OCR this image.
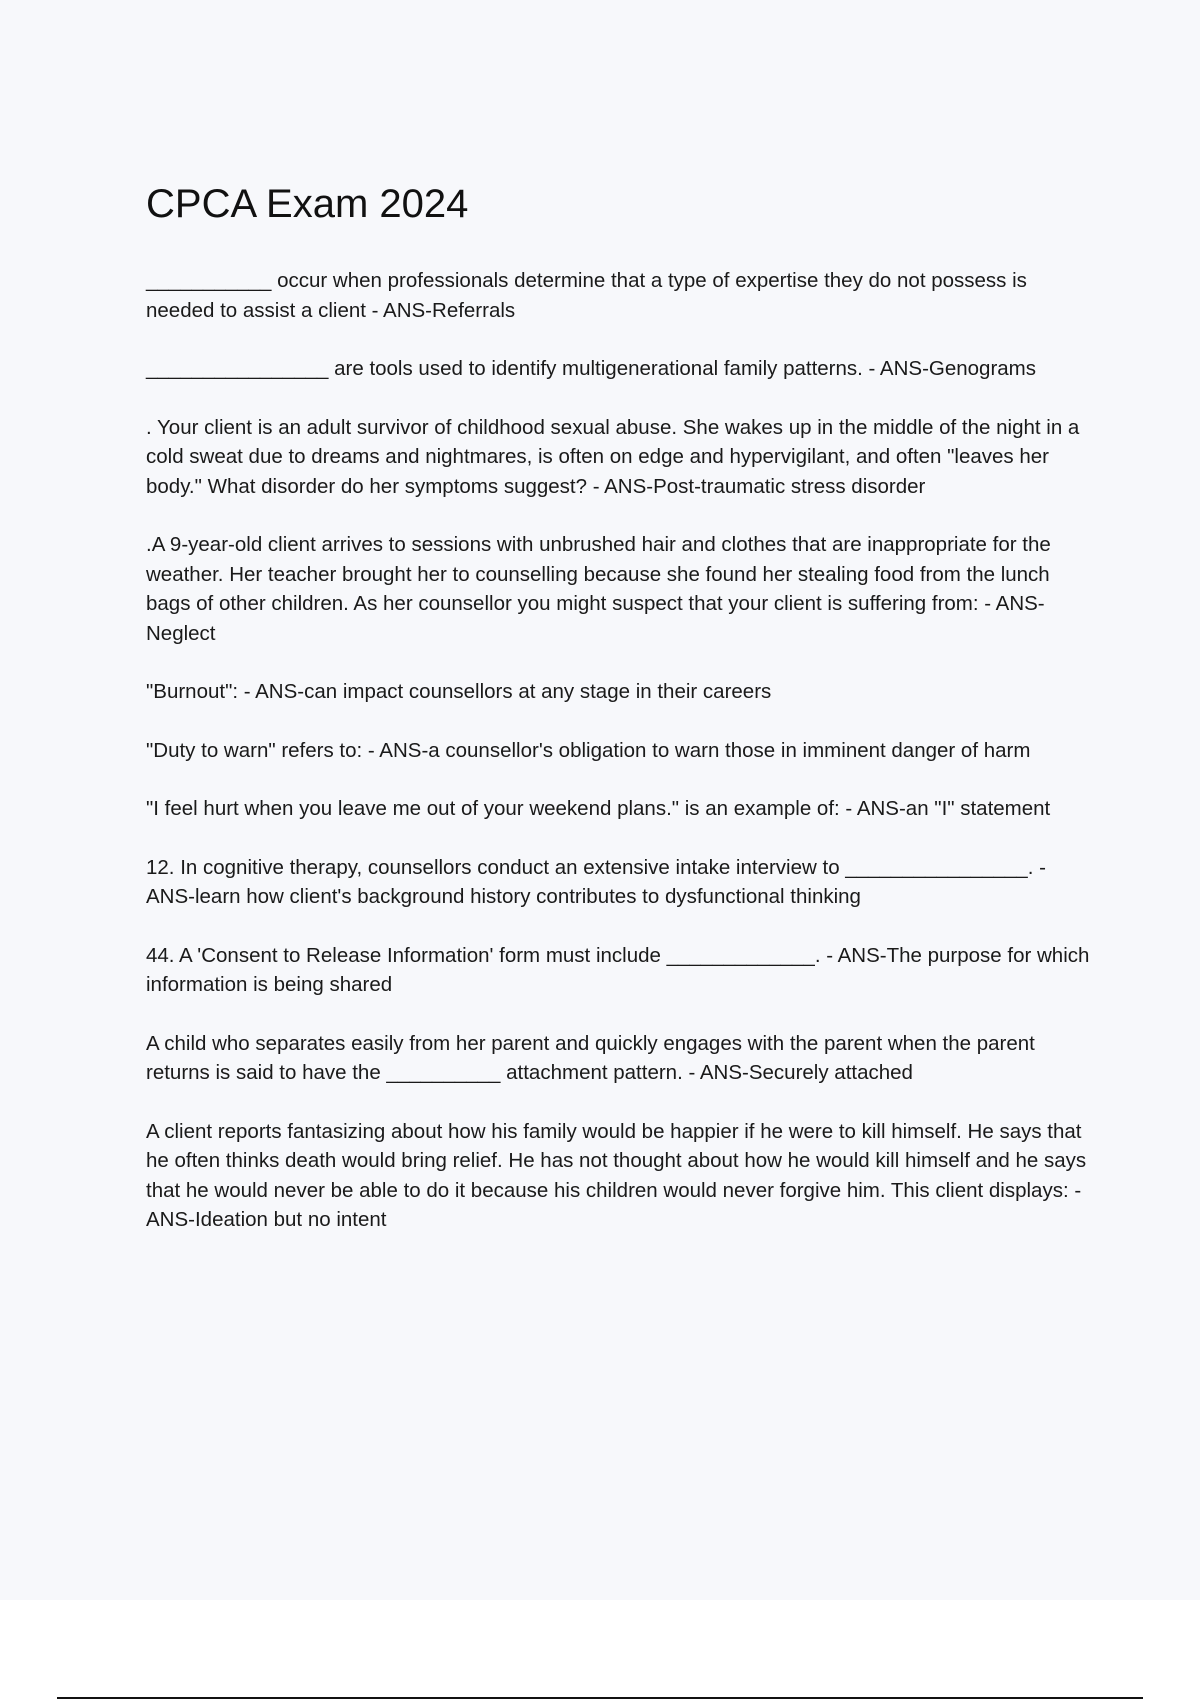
CPCA Exam 2024

___________ occur when professionals determine that a type of expertise they do not possess is needed to assist a client - ANS-Referrals

________________ are tools used to identify multigenerational family patterns. - ANS-Genograms

. Your client is an adult survivor of childhood sexual abuse. She wakes up in the middle of the night in a cold sweat due to dreams and nightmares, is often on edge and hypervigilant, and often "leaves her body." What disorder do her symptoms suggest? - ANS-Post-traumatic stress disorder

.A 9-year-old client arrives to sessions with unbrushed hair and clothes that are inappropriate for the weather. Her teacher brought her to counselling because she found her stealing food from the lunch bags of other children. As her counsellor you might suspect that your client is suffering from: - ANS-Neglect

"Burnout": - ANS-can impact counsellors at any stage in their careers

"Duty to warn" refers to: - ANS-a counsellor's obligation to warn those in imminent danger of harm

"I feel hurt when you leave me out of your weekend plans." is an example of: - ANS-an "I" statement

12. In cognitive therapy, counsellors conduct an extensive intake interview to ________________. - ANS-learn how client's background history contributes to dysfunctional thinking

44. A 'Consent to Release Information' form must include _____________. - ANS-The purpose for which information is being shared

A child who separates easily from her parent and quickly engages with the parent when the parent returns is said to have the __________ attachment pattern. - ANS-Securely attached

A client reports fantasizing about how his family would be happier if he were to kill himself. He says that he often thinks death would bring relief. He has not thought about how he would kill himself and he says that he would never be able to do it because his children would never forgive him. This client displays: - ANS-Ideation but no intent
